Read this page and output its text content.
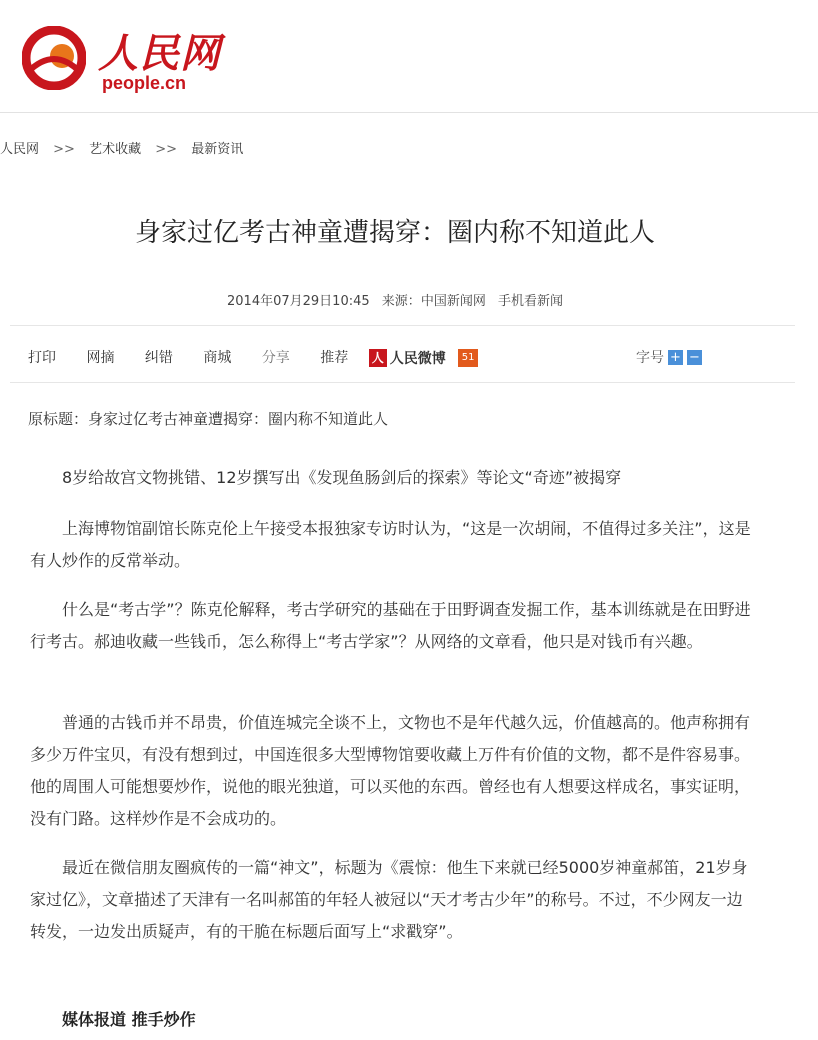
人民网
people.cn
人民网 >> 艺术收藏 >> 最新资讯
身家过亿考古神童遭揭穿：圈内称不知道此人
2014年07月29日10:45 来源：中国新闻网 手机看新闻
打印 网摘 纠错 商城 分享 推荐 人 人民微博 51	字号 + −
原标题：身家过亿考古神童遭揭穿：圈内称不知道此人
8岁给故宫文物挑错、12岁撰写出《发现鱼肠剑后的探索》等论文“奇迹”被揭穿
上海博物馆副馆长陈克伦上午接受本报独家专访时认为，“这是一次胡闹，不值得过多关注”，这是有人炒作的反常举动。
什么是“考古学”？陈克伦解释，考古学研究的基础在于田野调查发掘工作，基本训练就是在田野进行考古。郝迪收藏一些钱币，怎么称得上“考古学家”？从网络的文章看，他只是对钱币有兴趣。
普通的古钱币并不昂贵，价值连城完全谈不上，文物也不是年代越久远，价值越高的。他声称拥有多少万件宝贝，有没有想到过，中国连很多大型博物馆要收藏上万件有价值的文物，都不是件容易事。他的周围人可能想要炒作，说他的眼光独道，可以买他的东西。曾经也有人想要这样成名，事实证明，没有门路。这样炒作是不会成功的。
最近在微信朋友圈疯传的一篇“神文”，标题为《震惊：他生下来就已经5000岁神童郝笛，21岁身家过亿》，文章描述了天津有一名叫郝笛的年轻人被冠以“天才考古少年”的称号。不过，不少网友一边转发，一边发出质疑声，有的干脆在标题后面写上“求戳穿”。
媒体报道 推手炒作
